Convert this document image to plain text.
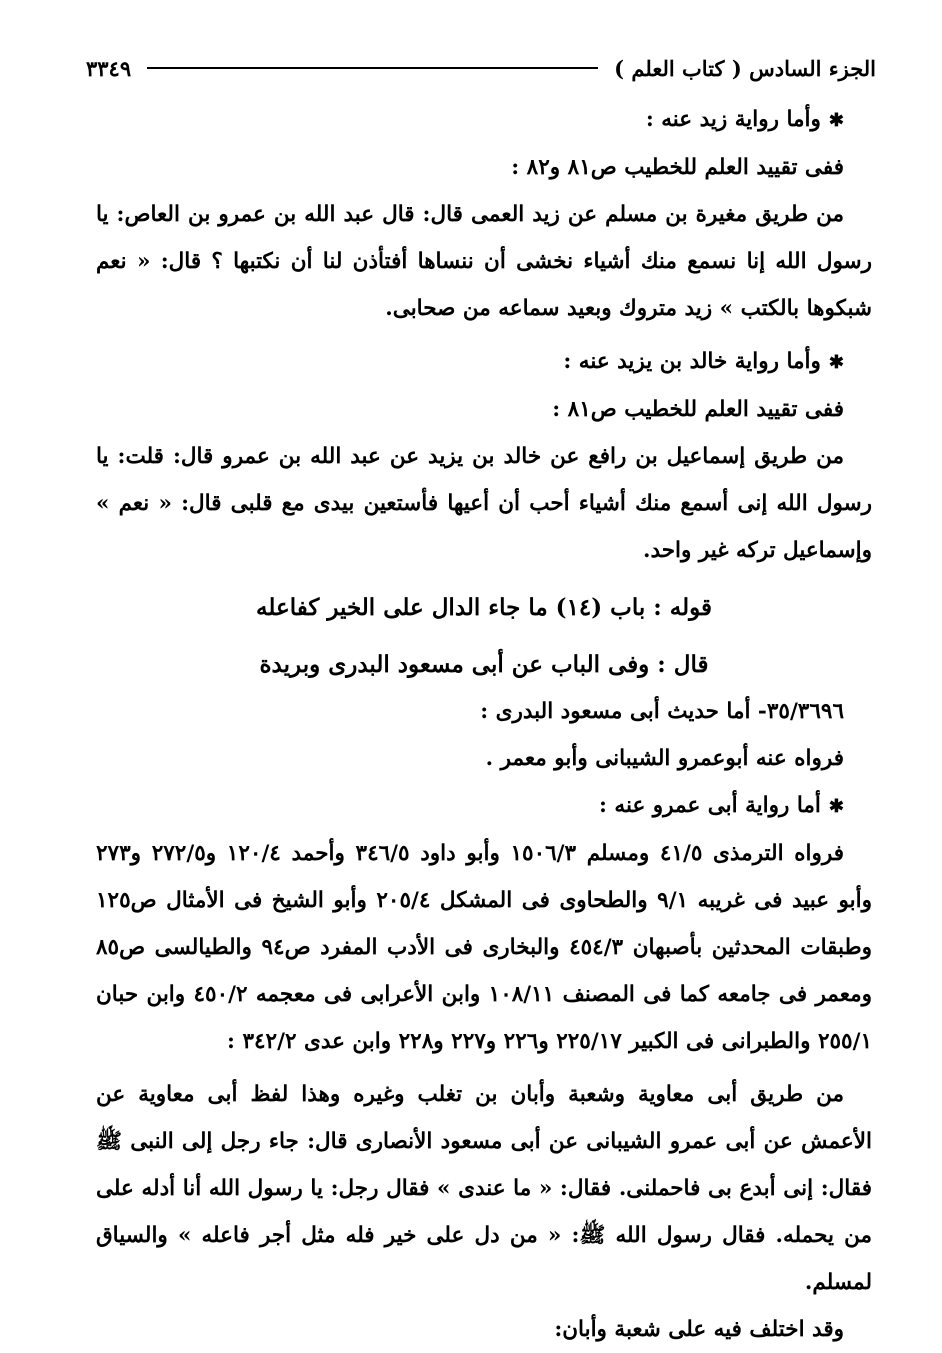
الجزء السادس ( كتاب العلم )
٣٣٤٩

✱ وأما رواية زيد عنه :

ففى تقييد العلم للخطيب ص٨١ و٨٢ :

من طريق مغيرة بن مسلم عن زيد العمى قال: قال عبد الله بن عمرو بن العاص: يا رسول الله إنا نسمع منك أشياء نخشى أن ننساها أفتأذن لنا أن نكتبها ؟ قال: « نعم شبكوها بالكتب » زيد متروك وبعيد سماعه من صحابى.

✱ وأما رواية خالد بن يزيد عنه :

ففى تقييد العلم للخطيب ص٨١ :

من طريق إسماعيل بن رافع عن خالد بن يزيد عن عبد الله بن عمرو قال: قلت: يا رسول الله إنى أسمع منك أشياء أحب أن أعيها فأستعين بيدى مع قلبى قال: « نعم » وإسماعيل تركه غير واحد.

قوله : باب (١٤) ما جاء الدال على الخير كفاعله

قال : وفى الباب عن أبى مسعود البدرى وبريدة

٣٥/٣٦٩٦- أما حديث أبى مسعود البدرى :

فرواه عنه أبوعمرو الشيبانى وأبو معمر .

✱ أما رواية أبى عمرو عنه :

فرواه الترمذى ٤١/٥ ومسلم ١٥٠٦/٣ وأبو داود ٣٤٦/٥ وأحمد ١٢٠/٤ و٢٧٢/٥ و٢٧٣ وأبو عبيد فى غريبه ٩/١ والطحاوى فى المشكل ٢٠٥/٤ وأبو الشيخ فى الأمثال ص١٢٥ وطبقات المحدثين بأصبهان ٤٥٤/٣ والبخارى فى الأدب المفرد ص٩٤ والطيالسى ص٨٥ ومعمر فى جامعه كما فى المصنف ١٠٨/١١ وابن الأعرابى فى معجمه ٤٥٠/٢ وابن حبان ٢٥٥/١ والطبرانى فى الكبير ٢٢٥/١٧ و٢٢٦ و٢٢٧ و٢٢٨ وابن عدى ٣٤٢/٢ :

من طريق أبى معاوية وشعبة وأبان بن تغلب وغيره وهذا لفظ أبى معاوية عن الأعمش عن أبى عمرو الشيبانى عن أبى مسعود الأنصارى قال: جاء رجل إلى النبى ﷺ فقال: إنى أبدع بى فاحملنى. فقال: « ما عندى » فقال رجل: يا رسول الله أنا أدله على من يحمله. فقال رسول الله ﷺ: « من دل على خير فله مثل أجر فاعله » والسياق لمسلم.

وقد اختلف فيه على شعبة وأبان:
